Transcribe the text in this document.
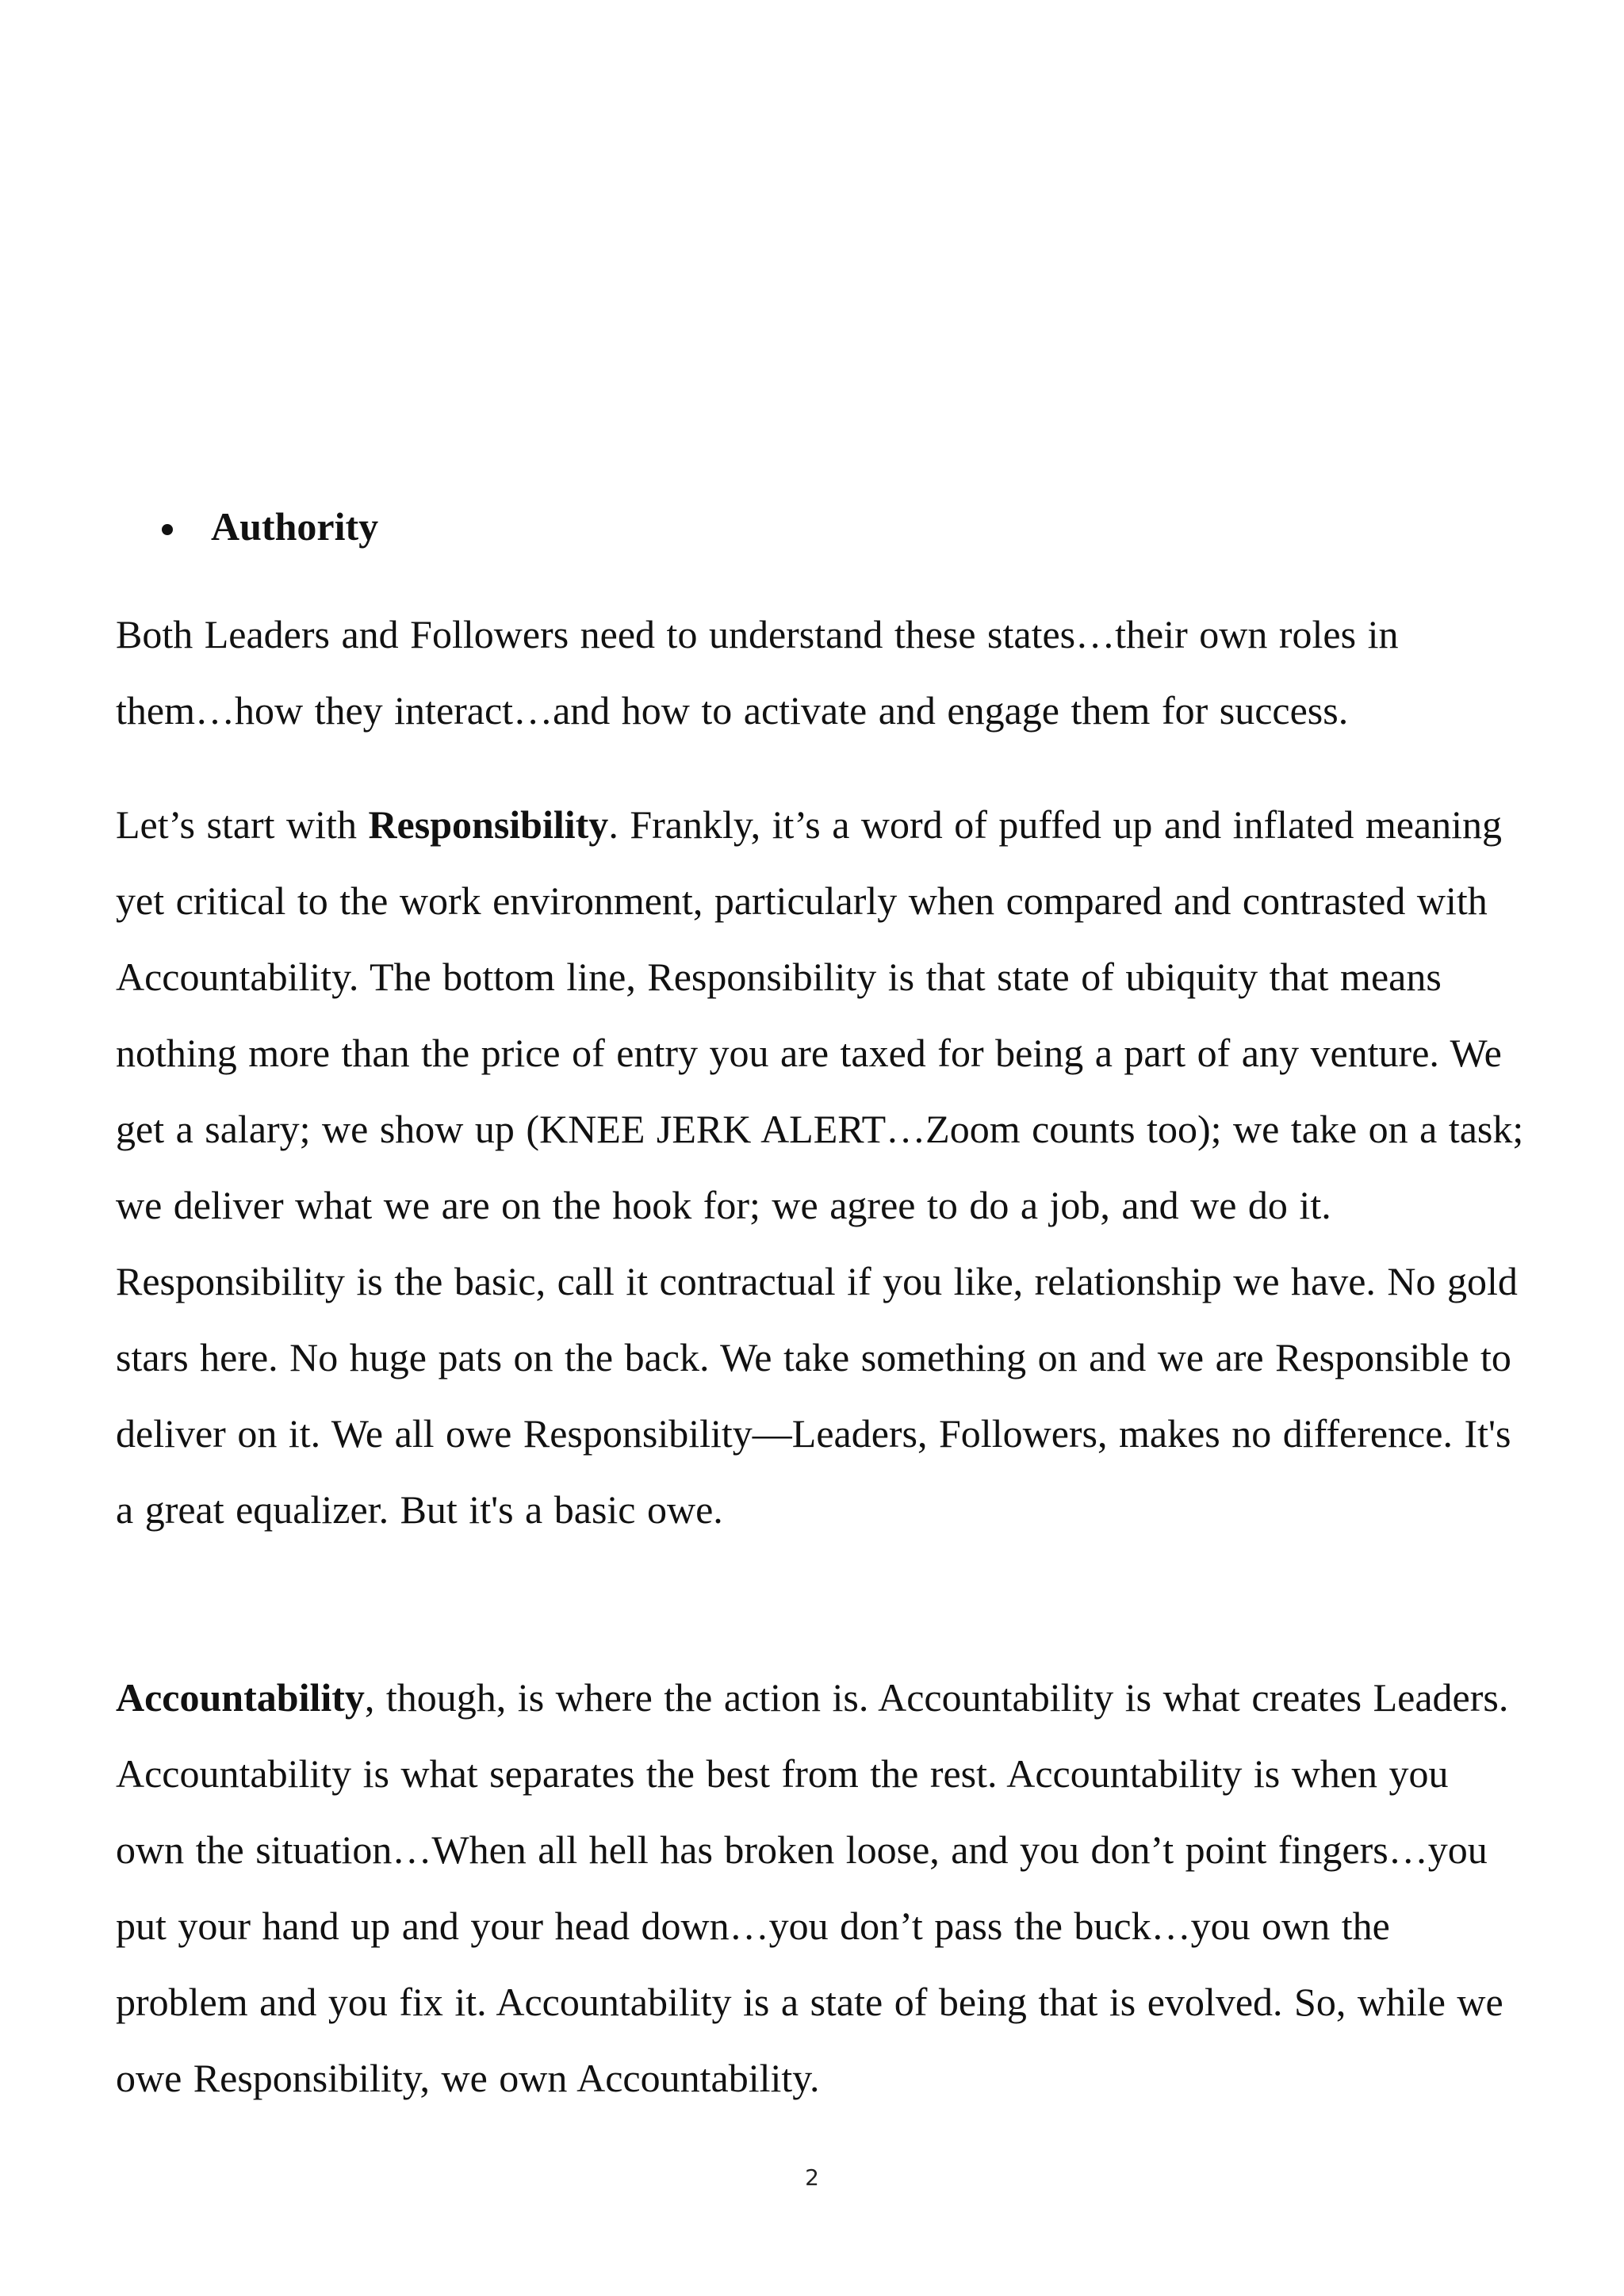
Authority

Both Leaders and Followers need to understand these states…their own roles in them…how they interact…and how to activate and engage them for success.

Let’s start with Responsibility. Frankly, it’s a word of puffed up and inflated meaning yet critical to the work environment, particularly when compared and contrasted with Accountability. The bottom line, Responsibility is that state of ubiquity that means nothing more than the price of entry you are taxed for being a part of any venture. We get a salary; we show up (KNEE JERK ALERT…Zoom counts too); we take on a task; we deliver what we are on the hook for; we agree to do a job, and we do it. Responsibility is the basic, call it contractual if you like, relationship we have. No gold stars here. No huge pats on the back. We take something on and we are Responsible to deliver on it. We all owe Responsibility—Leaders, Followers, makes no difference. It's a great equalizer. But it's a basic owe.

Accountability, though, is where the action is. Accountability is what creates Leaders. Accountability is what separates the best from the rest. Accountability is when you own the situation…When all hell has broken loose, and you don’t point fingers…you put your hand up and your head down…you don’t pass the buck…you own the problem and you fix it. Accountability is a state of being that is evolved. So, while we owe Responsibility, we own Accountability.

2
